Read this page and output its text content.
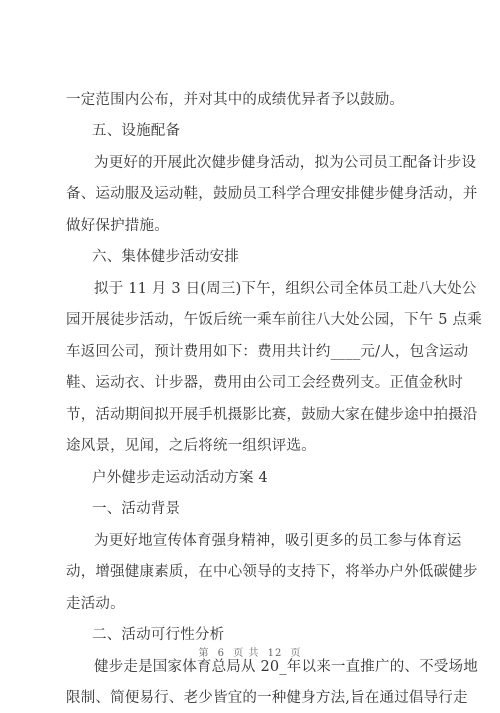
一定范围内公布，并对其中的成绩优异者予以鼓励。
五、设施配备
为更好的开展此次健步健身活动，拟为公司员工配备计步设
备、运动服及运动鞋，鼓励员工科学合理安排健步健身活动，并
做好保护措施。
六、集体健步活动安排
拟于 11 月 3 日(周三)下午，组织公司全体员工赴八大处公
园开展徒步活动，午饭后统一乘车前往八大处公园，下午 5 点乘
车返回公司，预计费用如下：费用共计约____元/人，包含运动
鞋、运动衣、计步器，费用由公司工会经费列支。正值金秋时
节，活动期间拟开展手机摄影比赛，鼓励大家在健步途中拍摄沿
途风景，见闻，之后将统一组织评选。
户外健步走运动活动方案 4
一、活动背景
为更好地宣传体育强身精神，吸引更多的员工参与体育运
动，增强健康素质，在中心领导的支持下，将举办户外低碳健步
走活动。
二、活动可行性分析
健步走是国家体育总局从 20_年以来一直推广的、不受场地
限制、简便易行、老少皆宜的一种健身方法,旨在通过倡导行走
第 6 页 共 12 页
